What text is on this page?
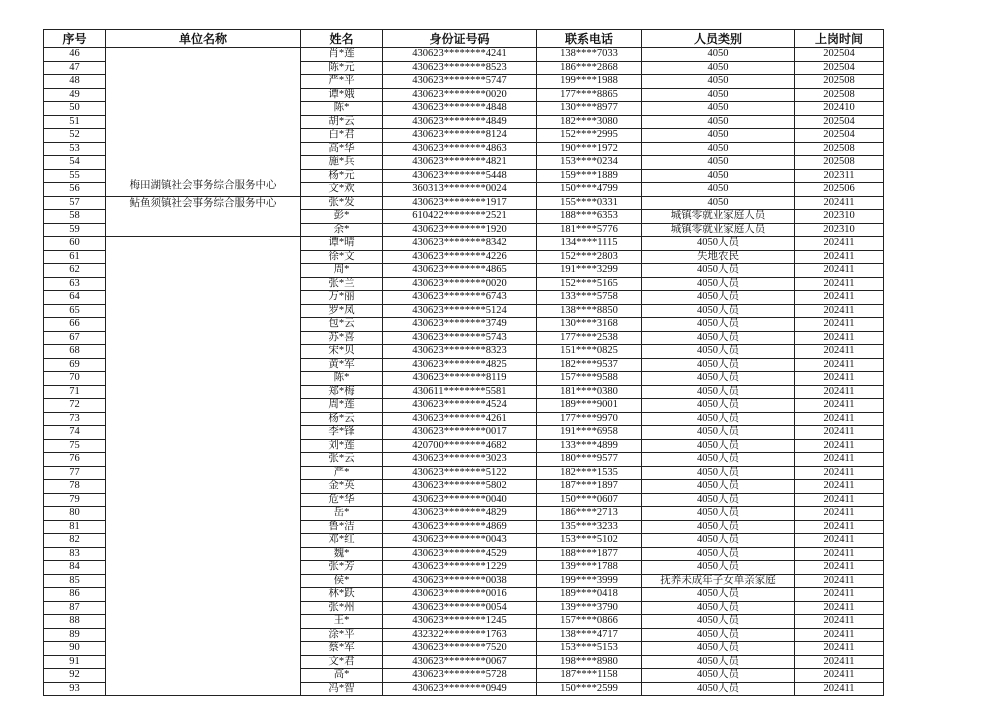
序号	单位名称	姓名	身份证号码	联系电话	人员类别	上岗时间
46	梅田湖镇社会事务综合服务中心	肖*莲	430623********4241	138****7033	4050	202504
47		陈*元	430623********8523	186****2868	4050	202504
48		严*平	430623********5747	199****1988	4050	202508
49		谭*娥	430623********0020	177****8865	4050	202508
50		陈*	430623********4848	130****8977	4050	202410
51		胡*云	430623********4849	182****3080	4050	202504
52		白*君	430623********8124	152****2995	4050	202504
53		高*华	430623********4863	190****1972	4050	202508
54		施*兵	430623********4821	153****0234	4050	202508
55		杨*元	430623********5448	159****1889	4050	202311
56		文*欢	360313********0024	150****4799	4050	202506
57	鲇鱼须镇社会事务综合服务中心	张*发	430623********1917	155****0331	4050	202411
58		彭*	610422********2521	188****6353	城镇零就业家庭人员	202310
59		余*	430623********1920	181****5776	城镇零就业家庭人员	202310
60		谭*晴	430623********8342	134****1115	4050人员	202411
61		徐*文	430623********4226	152****2803	失地农民	202411
62		周*	430623********4865	191****3299	4050人员	202411
63		张*兰	430623********0020	152****5165	4050人员	202411
64		万*丽	430623********6743	133****5758	4050人员	202411
65		罗*凤	430623********5124	138****8850	4050人员	202411
66		包*云	430623********3749	130****3168	4050人员	202411
67		苏*喜	430623********5743	177****2538	4050人员	202411
68		宋*贝	430623********8323	151****0825	4050人员	202411
69		黄*军	430623********4825	182****9537	4050人员	202411
70		陈*	430623********8119	157****9588	4050人员	202411
71		郑*梅	430611********5581	181****0380	4050人员	202411
72		周*莲	430623********4524	189****9001	4050人员	202411
73		杨*云	430623********4261	177****9970	4050人员	202411
74		李*锋	430623********0017	191****6958	4050人员	202411
75		刘*莲	420700********4682	133****4899	4050人员	202411
76		张*云	430623********3023	180****9577	4050人员	202411
77		严*	430623********5122	182****1535	4050人员	202411
78		金*英	430623********5802	187****1897	4050人员	202411
79		危*华	430623********0040	150****0607	4050人员	202411
80		岳*	430623********4829	186****2713	4050人员	202411
81		鲁*洁	430623********4869	135****3233	4050人员	202411
82		邓*红	430623********0043	153****5102	4050人员	202411
83		魏*	430623********4529	188****1877	4050人员	202411
84		张*芳	430623********1229	139****1788	4050人员	202411
85		侯*	430623********0038	199****3999	抚养未成年子女单亲家庭	202411
86		林*跃	430623********0016	189****0418	4050人员	202411
87		张*州	430623********0054	139****3790	4050人员	202411
88		王*	430623********1245	157****0866	4050人员	202411
89		涂*平	432322********1763	138****4717	4050人员	202411
90		蔡*军	430623********7520	153****5153	4050人员	202411
91		文*君	430623********0067	198****8980	4050人员	202411
92		高*	430623********5728	187****1158	4050人员	202411
93		冯*智	430623********0949	150****2599	4050人员	202411
